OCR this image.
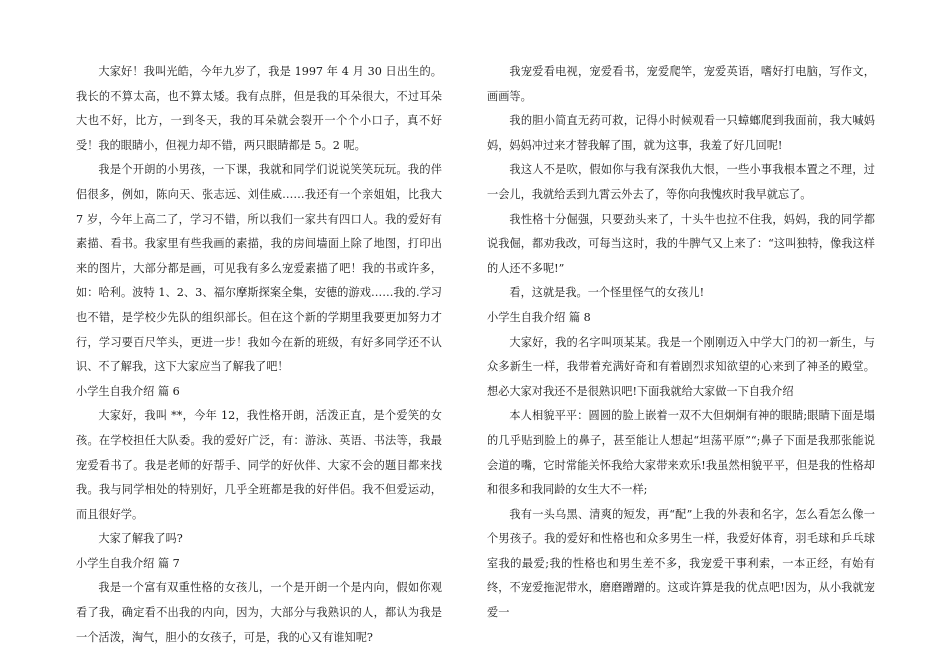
大家好！我叫光皓，今年九岁了，我是 1997 年 4 月 30 日出生的。我长的不算太高，也不算太矮。我有点胖，但是我的耳朵很大，不过耳朵大也不好，比方，一到冬天，我的耳朵就会裂开一个个小口子，真不好受！我的眼睛小，但视力却不错，两只眼睛都是 5。2 呢。

我是个开朗的小男孩，一下课，我就和同学们说说笑笑玩玩。我的伴侣很多，例如，陈向天、张志远、刘佳威……我还有一个亲姐姐，比我大 7 岁，今年上高二了，学习不错，所以我们一家共有四口人。我的爱好有素描、看书。我家里有些我画的素描，我的房间墙面上除了地图，打印出来的图片，大部分都是画，可见我有多么宠爱素描了吧！我的书或许多，如：哈利。波特 1、2、3、福尔摩斯探案全集，安德的游戏……我的.学习也不错，是学校少先队的组织部长。但在这个新的学期里我要更加努力才行，学习要百尺竿头，更进一步！我如今在新的班级，有好多同学还不认识、不了解我，这下大家应当了解我了吧！

小学生自我介绍 篇 6

大家好，我叫 **，今年 12，我性格开朗，活泼正直，是个爱笑的女孩。在学校担任大队委。我的爱好广泛，有：游泳、英语、书法等，我最宠爱看书了。我是老师的好帮手、同学的好伙伴、大家不会的题目都来找我。我与同学相处的特别好，几乎全班都是我的好伴侣。我不但爱运动，而且很好学。

大家了解我了吗?

小学生自我介绍 篇 7

我是一个富有双重性格的女孩儿，一个是开朗一个是内向，假如你观看了我，确定看不出我的内向，因为，大部分与我熟识的人，都认为我是一个活泼，淘气，胆小的女孩子，可是，我的心又有谁知呢?

我宠爱看电视，宠爱看书，宠爱爬竿，宠爱英语，嗜好打电脑，写作文，画画等。

我的胆小简直无药可救，记得小时候观看一只蟑螂爬到我面前，我大喊妈妈，妈妈冲过来才替我解了围，就为这事，我羞了好几回呢!

我这人不是吹，假如你与我有深我仇大恨，一些小事我根本置之不理，过一会儿，我就给丢到九霄云外去了，等你向我愧疚时我早就忘了。

我性格十分倔强，只要劲头来了，十头牛也拉不住我，妈妈，我的同学都说我倔，都劝我改，可每当这时，我的牛脾气又上来了：“这叫独特，像我这样的人还不多呢!”

看，这就是我。一个怪里怪气的女孩儿!

小学生自我介绍 篇 8

大家好，我的名字叫项某某。我是一个刚刚迈入中学大门的初一新生，与众多新生一样，我带着充满好奇和有着剧烈求知欲望的心来到了神圣的殿堂。想必大家对我还不是很熟识吧!下面我就给大家做一下自我介绍

本人相貌平平：圆圆的脸上嵌着一双不大但炯炯有神的眼睛;眼睛下面是塌的几乎贴到脸上的鼻子，甚至能让人想起“坦荡平原”“;鼻子下面是我那张能说会道的嘴，它时常能关怀我给大家带来欢乐!我虽然相貌平平，但是我的性格却和很多和我同龄的女生大不一样;

我有一头乌黑、清爽的短发，再“配”上我的外表和名字，怎么看怎么像一个男孩子。我的爱好和性格也和众多男生一样，我爱好体育，羽毛球和乒乓球室我的最爱;我的性格也和男生差不多，我宠爱干事利索，一本正经，有始有终，不宠爱拖泥带水，磨磨蹭蹭的。这或许算是我的优点吧!因为，从小我就宠爱一
